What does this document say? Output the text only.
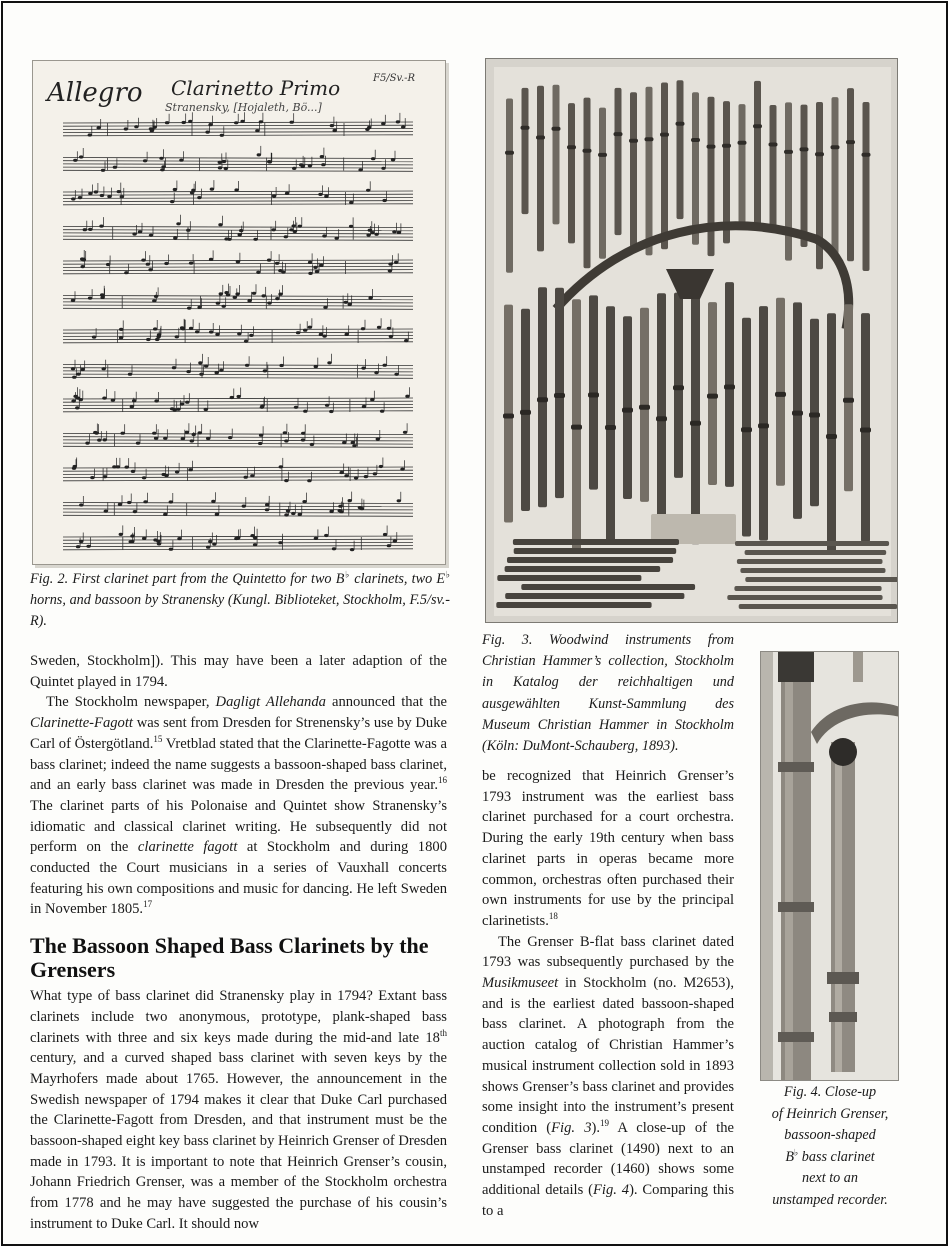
Allegro Clarinetto Primo
Stranensky, [Hojaleth, Bö...]
F5/Sv.-R

Fig. 2. First clarinet part from the Quintetto for two B♭ clarinets, two E♭ horns, and bassoon by Stranensky (Kungl. Biblioteket, Stockholm, F.5/sv.-R).

Fig. 3. Woodwind instruments from Christian Hammer’s collection, Stockholm in Katalog der reichhaltigen und ausgewählten Kunst-Sammlung des Museum Christian Hammer in Stockholm (Köln: DuMont-Schauberg, 1893).
Fig. 4. Close-up
of Heinrich Grenser,
bassoon-shaped
B♭ bass clarinet
next to an
unstamped recorder.

Sweden, Stockholm]). This may have been a later adaption of the Quintet played in 1794.

The Stockholm newspaper, Dagligt Allehanda announced that the Clarinette-Fagott was sent from Dresden for Strenensky’s use by Duke Carl of Östergötland.$^{15}$ Vretblad stated that the Clarinette-Fagotte was a bass clarinet; indeed the name suggests a bassoon-shaped bass clarinet, and an early bass clarinet was made in Dresden the previous year.$^{16}$ The clarinet parts of his Polonaise and Quintet show Stranensky’s idiomatic and classical clarinet writing. He subsequently did not perform on the clarinette fagott at Stockholm and during 1800 conducted the Court musicians in a series of Vauxhall concerts featuring his own compositions and music for dancing. He left Sweden in November 1805.17

The Bassoon Shaped Bass Clarinets by the Grensers

What type of bass clarinet did Stranensky play in 1794? Extant bass clarinets include two anonymous, prototype, plank-shaped bass clarinets with three and six keys made during the mid-and late 18th century, and a curved shaped bass clarinet with seven keys by the Mayrhofers made about 1765. However, the announcement in the Swedish newspaper of 1794 makes it clear that Duke Carl purchased the Clarinette-Fagott from Dresden, and that instrument must be the bassoon-shaped eight key bass clarinet by Heinrich Grenser of Dresden made in 1793. It is important to note that Heinrich Grenser’s cousin, Johann Friedrich Grenser, was a member of the Stockholm orchestra from 1778 and he may have suggested the purchase of his cousin’s instrument to Duke Carl. It should now

be recognized that Heinrich Grenser’s 1793 instrument was the earliest bass clarinet purchased for a court orchestra. During the early 19th century when bass clarinet parts in operas became more common, orchestras often purchased their own instruments for use by the principal clarinetists.$^{18}$

The Grenser B-flat bass clarinet dated 1793 was subsequently purchased by the Musikmuseet in Stockholm (no. M2653), and is the earliest dated bassoon-shaped bass clarinet. A photograph from the auction catalog of Christian Hammer’s musical instrument collection sold in 1893 shows Grenser’s bass clarinet and provides some insight into the instrument’s present condition (Fig. 3).$^{19}$ A close-up of the Grenser bass clarinet (1490) next to an unstamped recorder (1460) shows some additional details (Fig. 4). Comparing this to a
